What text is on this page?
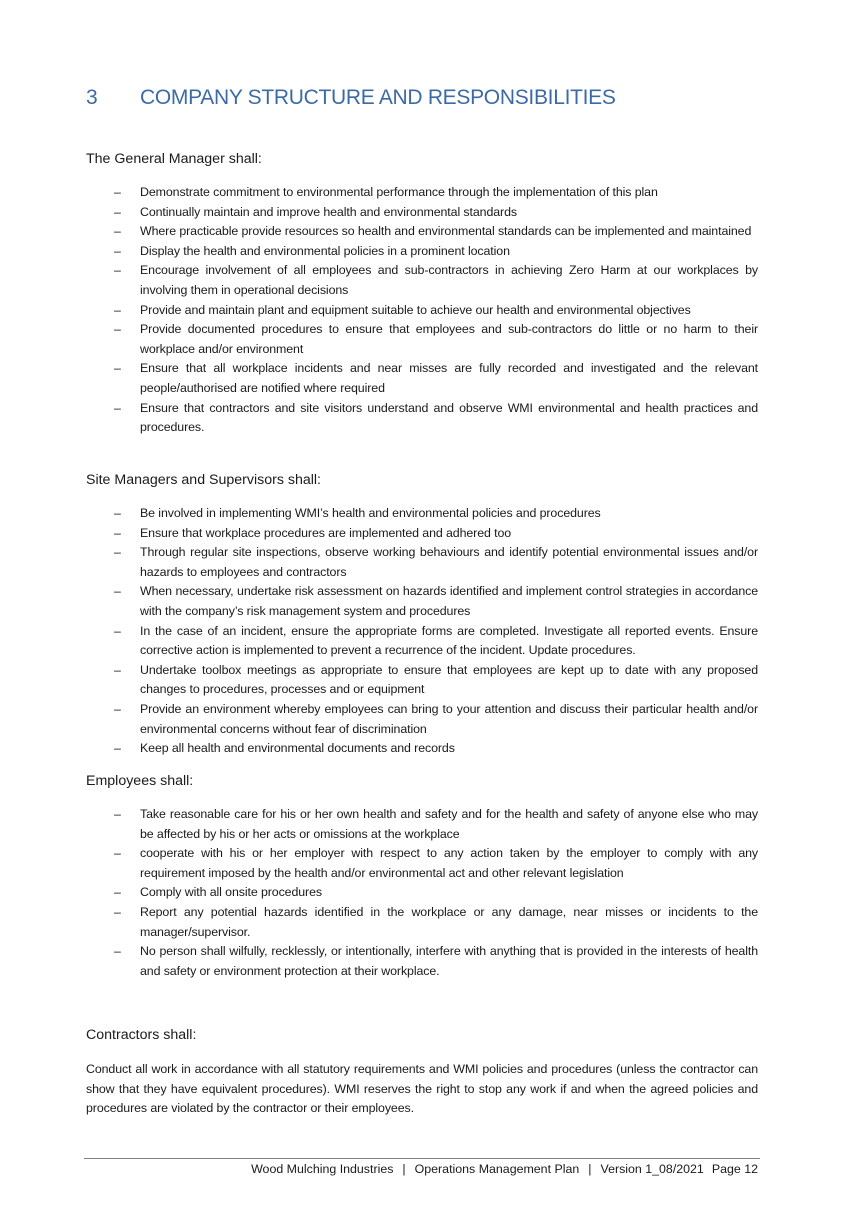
3 COMPANY STRUCTURE AND RESPONSIBILITIES
The General Manager shall:
– Demonstrate commitment to environmental performance through the implementation of this plan
– Continually maintain and improve health and environmental standards
– Where practicable provide resources so health and environmental standards can be implemented and maintained
– Display the health and environmental policies in a prominent location
– Encourage involvement of all employees and sub-contractors in achieving Zero Harm at our workplaces by involving them in operational decisions
– Provide and maintain plant and equipment suitable to achieve our health and environmental objectives
– Provide documented procedures to ensure that employees and sub-contractors do little or no harm to their workplace and/or environment
– Ensure that all workplace incidents and near misses are fully recorded and investigated and the relevant people/authorised are notified where required
– Ensure that contractors and site visitors understand and observe WMI environmental and health practices and procedures.
Site Managers and Supervisors shall:
– Be involved in implementing WMI’s health and environmental policies and procedures
– Ensure that workplace procedures are implemented and adhered too
– Through regular site inspections, observe working behaviours and identify potential environmental issues and/or hazards to employees and contractors
– When necessary, undertake risk assessment on hazards identified and implement control strategies in accordance with the company’s risk management system and procedures
– In the case of an incident, ensure the appropriate forms are completed. Investigate all reported events. Ensure corrective action is implemented to prevent a recurrence of the incident. Update procedures.
– Undertake toolbox meetings as appropriate to ensure that employees are kept up to date with any proposed changes to procedures, processes and or equipment
– Provide an environment whereby employees can bring to your attention and discuss their particular health and/or environmental concerns without fear of discrimination
– Keep all health and environmental documents and records
Employees shall:
– Take reasonable care for his or her own health and safety and for the health and safety of anyone else who may be affected by his or her acts or omissions at the workplace
– cooperate with his or her employer with respect to any action taken by the employer to comply with any requirement imposed by the health and/or environmental act and other relevant legislation
– Comply with all onsite procedures
– Report any potential hazards identified in the workplace or any damage, near misses or incidents to the manager/supervisor.
– No person shall wilfully, recklessly, or intentionally, interfere with anything that is provided in the interests of health and safety or environment protection at their workplace.
Contractors shall:
Conduct all work in accordance with all statutory requirements and WMI policies and procedures (unless the contractor can show that they have equivalent procedures). WMI reserves the right to stop any work if and when the agreed policies and procedures are violated by the contractor or their employees.
Wood Mulching Industries | Operations Management Plan | Version 1_08/2021 Page 12
